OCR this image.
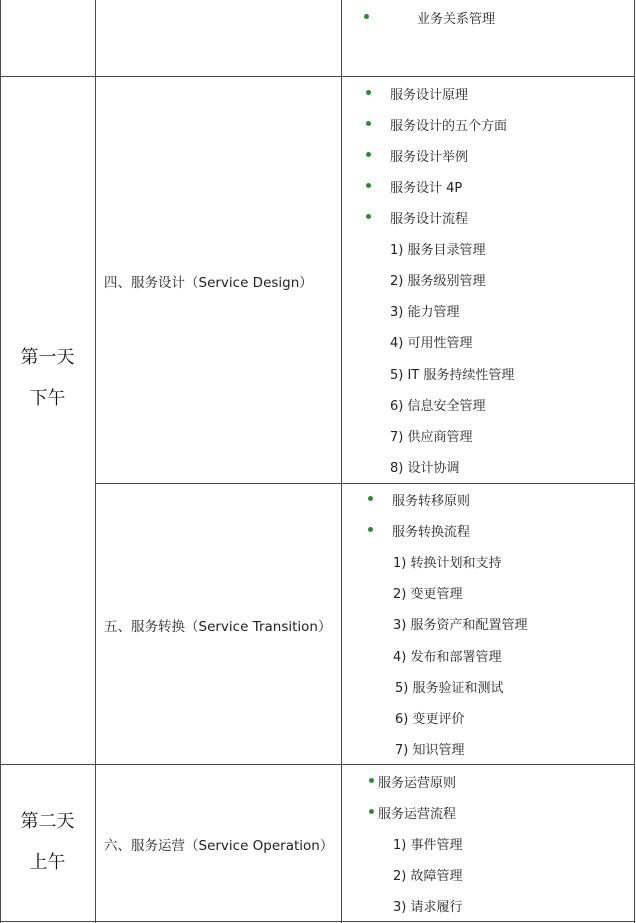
业务关系管理
第一天
下午
四、服务设计（Service Design）
服务设计原理
服务设计的五个方面
服务设计举例
服务设计 4P
服务设计流程
1) 服务目录管理
2) 服务级别管理
3) 能力管理
4) 可用性管理
5) IT 服务持续性管理
6) 信息安全管理
7) 供应商管理
8) 设计协调
五、服务转换（Service Transition）
服务转移原则
服务转换流程
1) 转换计划和支持
2) 变更管理
3) 服务资产和配置管理
4) 发布和部署管理
5) 服务验证和测试
6) 变更评价
7) 知识管理
第二天
上午
六、服务运营（Service Operation）
服务运营原则
服务运营流程
1) 事件管理
2) 故障管理
3) 请求履行
